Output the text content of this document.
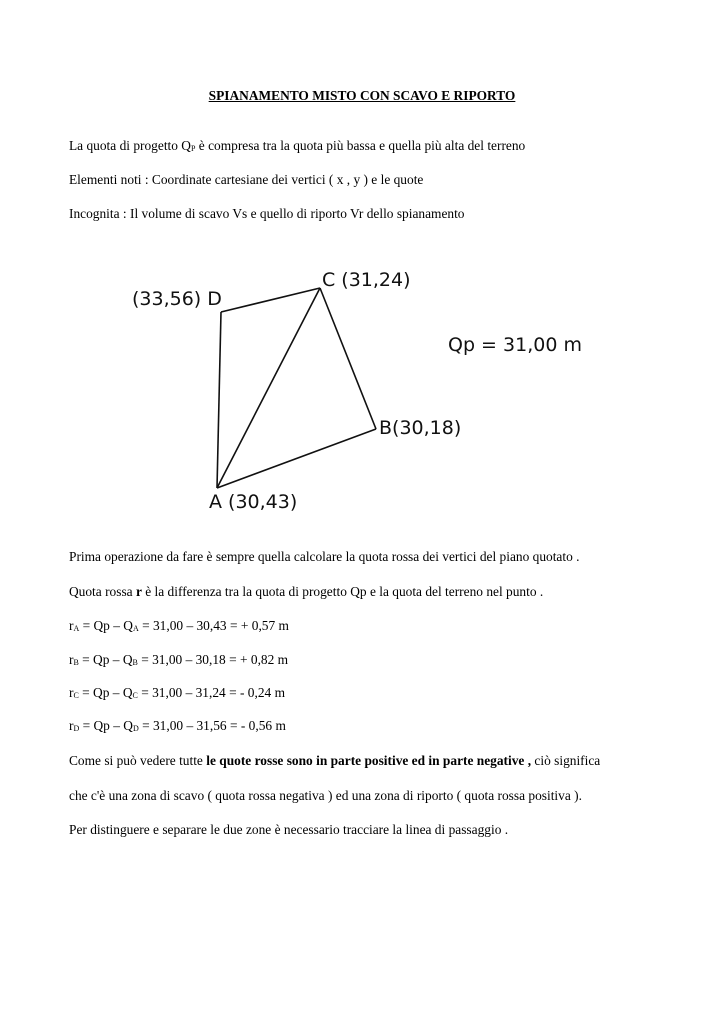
SPIANAMENTO MISTO CON SCAVO E RIPORTO
La quota di progetto $Q_P$ è compresa tra la quota più bassa e quella più alta del terreno
Elementi noti : Coordinate cartesiane dei vertici ( x , y ) e le quote
Incognita : Il volume di scavo Vs e quello di riporto Vr dello spianamento
(33,56) D
C (31,24)
B(30,18)
A (30,43)
Qp = 31,00 m
Prima operazione da fare è sempre quella calcolare la quota rossa dei vertici del piano quotato .
Quota rossa r è la differenza tra la quota di progetto Qp e la quota del terreno nel punto .
$r_A = Qp - Q_A = 31,00 - 30,43$ = + 0,57 m
$r_B = Qp - Q_B = 31,00 - 30,18$ = + 0,82 m
$r_C = Qp - Q_C = 31,00 - 31,24$ = - 0,24 m
$r_D = Qp - Q_D = 31,00 - 31,56$ = - 0,56 m
Come si può vedere tutte le quote rosse sono in parte positive ed in parte negative , ciò significa
che c'è una zona di scavo ( quota rossa negativa ) ed una zona di riporto ( quota rossa positiva ).
Per distinguere e separare le due zone è necessario tracciare la linea di passaggio .
